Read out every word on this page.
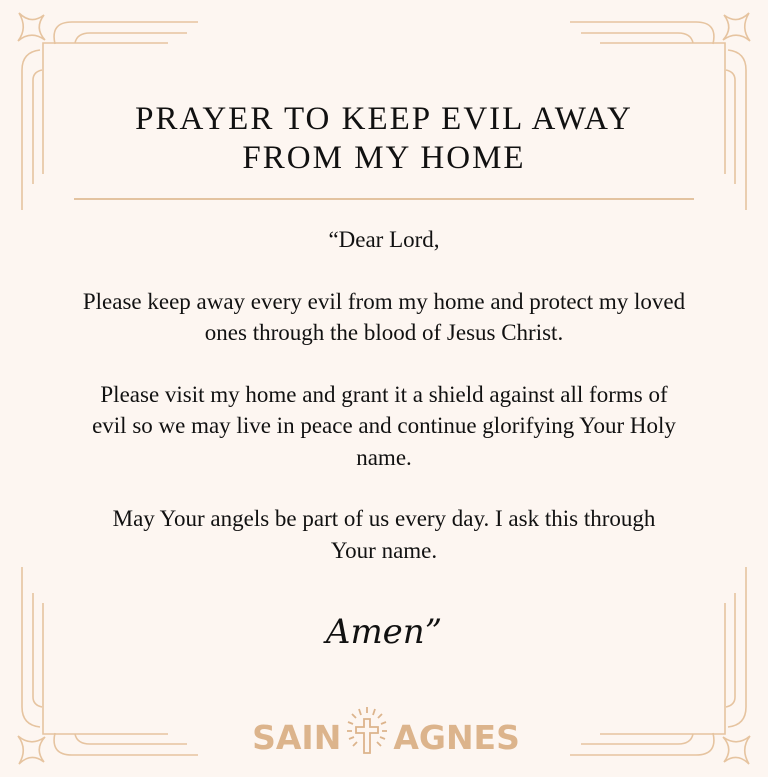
PRAYER TO KEEP EVIL AWAY
FROM MY HOME

“Dear Lord,

Please keep away every evil from my home and protect my loved ones through the blood of Jesus Christ.

Please visit my home and grant it a shield against all forms of evil so we may live in peace and continue glorifying Your Holy name.

May Your angels be part of us every day. I ask this through Your name.

Amen”
SAIN AGNES
